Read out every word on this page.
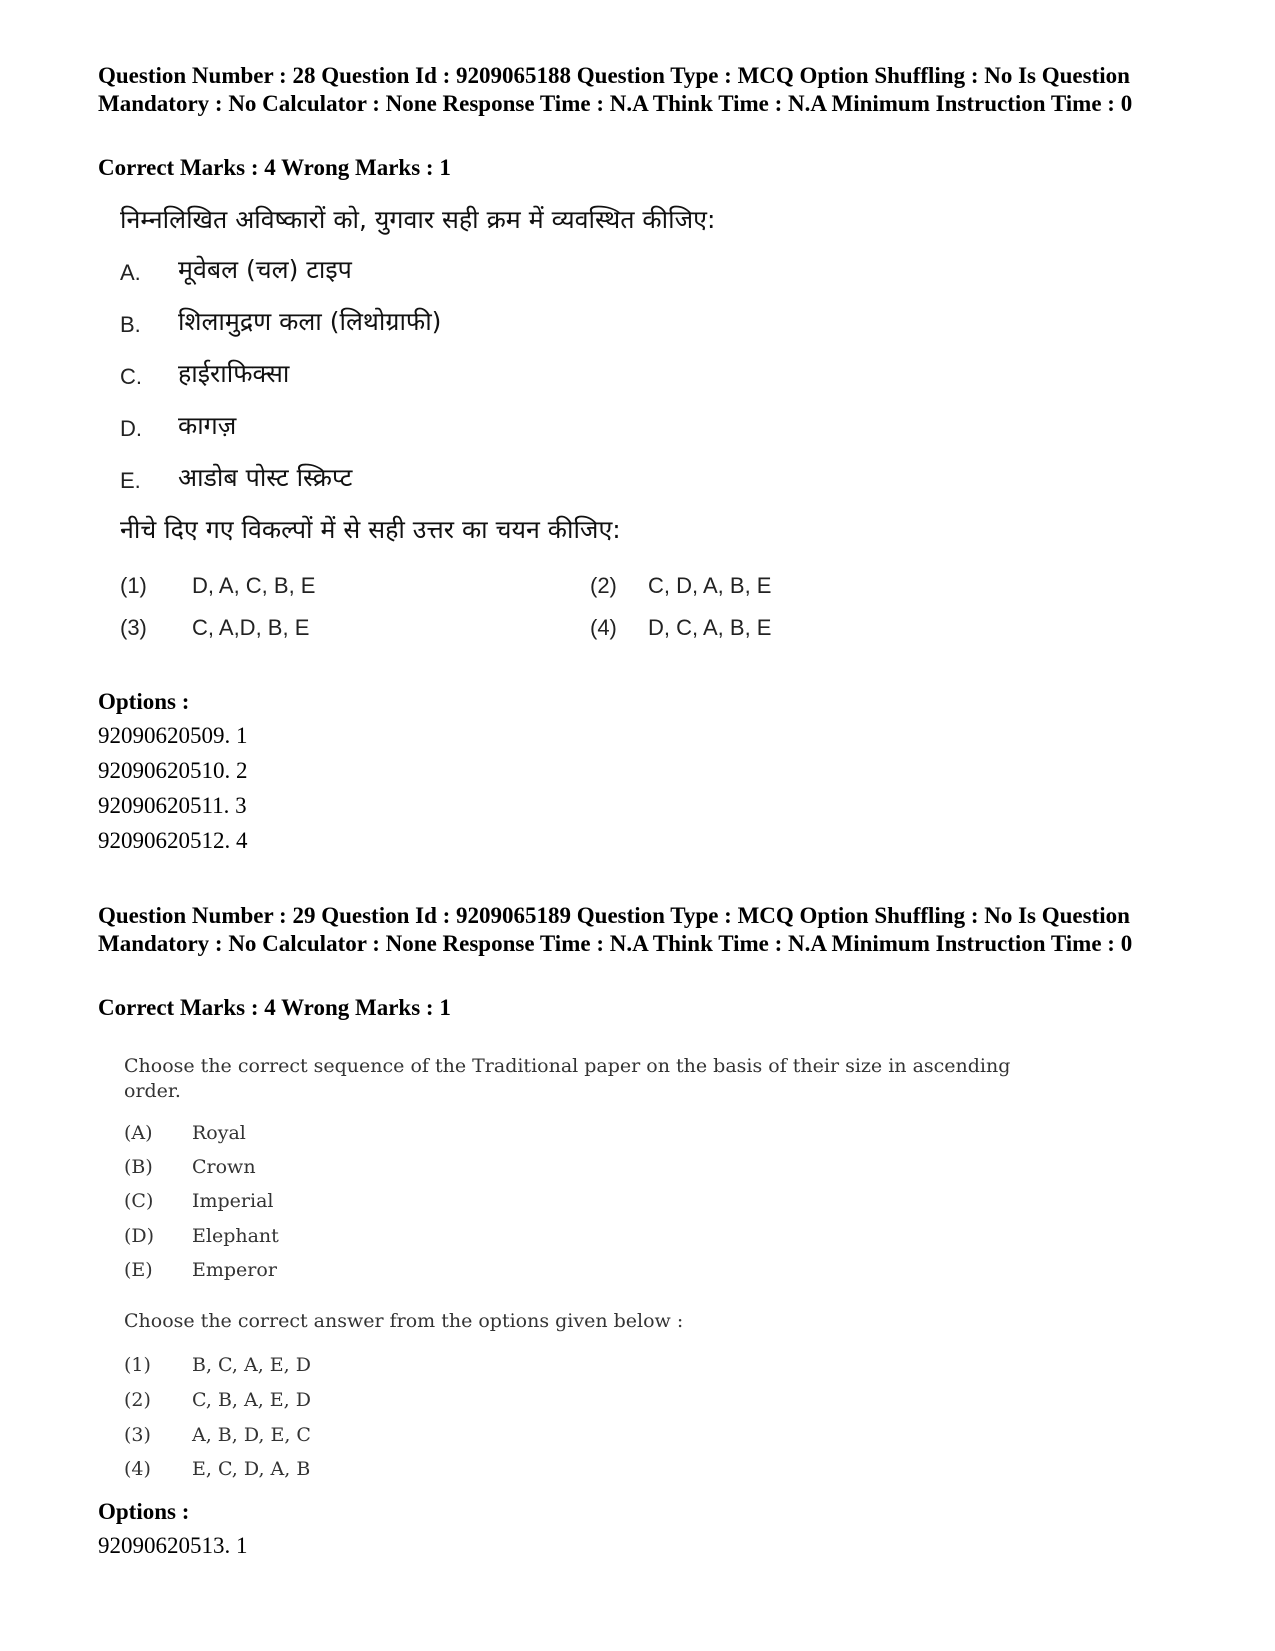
Question Number : 28 Question Id : 9209065188 Question Type : MCQ Option Shuffling : No Is Question Mandatory : No Calculator : None Response Time : N.A Think Time : N.A Minimum Instruction Time : 0
Correct Marks : 4 Wrong Marks : 1
निम्नलिखित अविष्कारों को, युगवार सही क्रम में व्यवस्थित कीजिए:
A. मूवेबल (चल) टाइप
B. शिलामुद्रण कला (लिथोग्राफी)
C. हाईराफिक्सा
D. कागज़
E. आडोब पोस्ट स्क्रिप्ट
नीचे दिए गए विकल्पों में से सही उत्तर का चयन कीजिए:
(1) D, A, C, B, E	(2) C, D, A, B, E
(3) C, A,D, B, E	(4) D, C, A, B, E
Options :
92090620509. 1
92090620510. 2
92090620511. 3
92090620512. 4
Question Number : 29 Question Id : 9209065189 Question Type : MCQ Option Shuffling : No Is Question Mandatory : No Calculator : None Response Time : N.A Think Time : N.A Minimum Instruction Time : 0
Correct Marks : 4 Wrong Marks : 1
Choose the correct sequence of the Traditional paper on the basis of their size in ascending order.
(A) Royal
(B) Crown
(C) Imperial
(D) Elephant
(E) Emperor
Choose the correct answer from the options given below :
(1) B, C, A, E, D
(2) C, B, A, E, D
(3) A, B, D, E, C
(4) E, C, D, A, B
Options :
92090620513. 1
